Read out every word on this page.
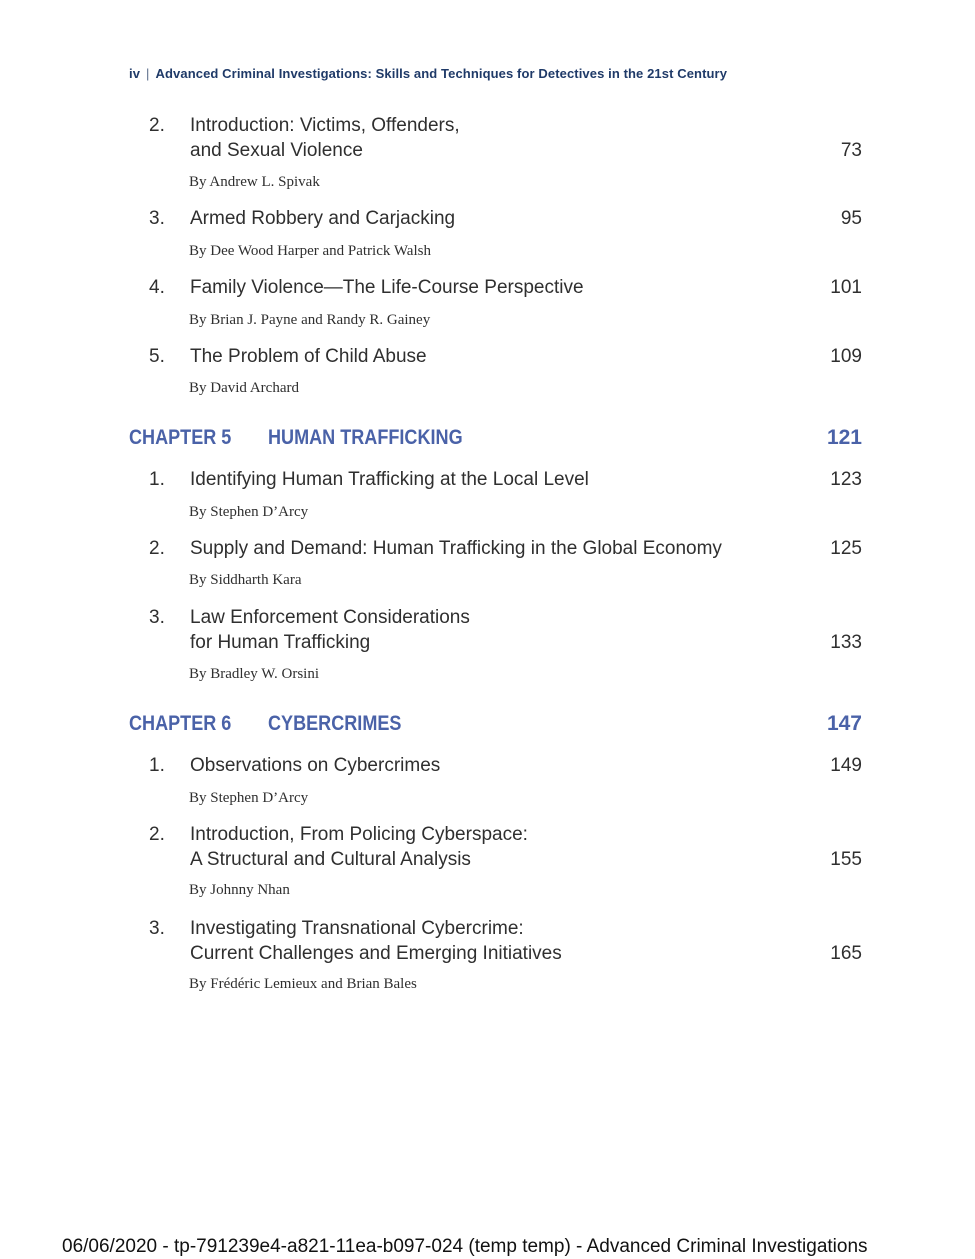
iv | Advanced Criminal Investigations: Skills and Techniques for Detectives in the 21st Century
2. Introduction: Victims, Offenders,
and Sexual Violence	73
By Andrew L. Spivak
3. Armed Robbery and Carjacking	95
By Dee Wood Harper and Patrick Walsh
4. Family Violence—The Life-Course Perspective	101
By Brian J. Payne and Randy R. Gainey
5. The Problem of Child Abuse	109
By David Archard
CHAPTER 5 HUMAN TRAFFICKING	121
1. Identifying Human Trafficking at the Local Level	123
By Stephen D’Arcy
2. Supply and Demand: Human Trafficking in the Global Economy	125
By Siddharth Kara
3. Law Enforcement Considerations
for Human Trafficking	133
By Bradley W. Orsini
CHAPTER 6 CYBERCRIMES	147
1. Observations on Cybercrimes	149
By Stephen D’Arcy
2. Introduction, From Policing Cyberspace:
A Structural and Cultural Analysis	155
By Johnny Nhan
3. Investigating Transnational Cybercrime:
Current Challenges and Emerging Initiatives	165
By Frédéric Lemieux and Brian Bales
06/06/2020 - tp-791239e4-a821-11ea-b097-024 (temp temp) - Advanced Criminal Investigations
